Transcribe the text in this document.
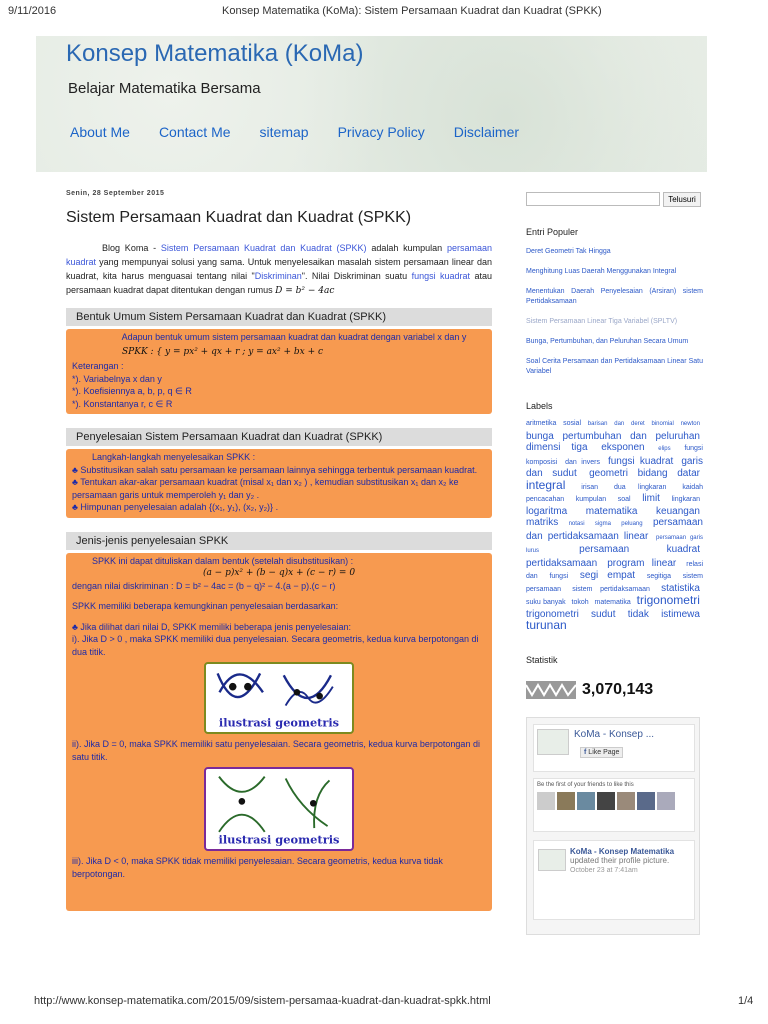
9/11/2016	Konsep Matematika (KoMa): Sistem Persamaan Kuadrat dan Kuadrat (SPKK)
Konsep Matematika (KoMa)
Belajar Matematika Bersama
About Me Contact Me sitemap Privacy Policy Disclaimer
Senin, 28 September 2015
Sistem Persamaan Kuadrat dan Kuadrat (SPKK)
Blog Koma - Sistem Persamaan Kuadrat dan Kuadrat (SPKK) adalah kumpulan persamaan kuadrat yang mempunyai solusi yang sama. Untuk menyelesaikan masalah sistem persamaan linear dan kuadrat, kita harus menguasai tentang nilai "Diskriminan". Nilai Diskriminan suatu fungsi kuadrat atau persamaan kuadrat dapat ditentukan dengan rumus D = b² − 4ac
Bentuk Umum Sistem Persamaan Kuadrat dan Kuadrat (SPKK)
Adapun bentuk umum sistem persamaan kuadrat dan kuadrat dengan variabel x dan y
SPKK : { y = px² + qx + r ; y = ax² + bx + c
Keterangan :
*). Variabelnya x dan y
*). Koefisiennya a, b, p, q ∈ R
*). Konstantanya r, c ∈ R
Penyelesaian Sistem Persamaan Kuadrat dan Kuadrat (SPKK)
Langkah-langkah menyelesaikan SPKK :
♣ Substitusikan salah satu persamaan ke persamaan lainnya sehingga terbentuk persamaan kuadrat.
♣ Tentukan akar-akar persamaan kuadrat (misal x₁ dan x₂ ) , kemudian substitusikan x₁ dan x₂ ke persamaan garis untuk memperoleh y₁ dan y₂ .
♣ Himpunan penyelesaian adalah {(x₁, y₁), (x₂, y₂)} .
Jenis-jenis penyelesaian SPKK
SPKK ini dapat dituliskan dalam bentuk (setelah disubstitusikan) :
(a − p)x² + (b − q)x + (c − r) = 0
dengan nilai diskriminan : D = b² − 4ac = (b − q)² − 4.(a − p).(c − r)
SPKK memiliki beberapa kemungkinan penyelesaian berdasarkan:
♣ Jika dilihat dari nilai D, SPKK memiliki beberapa jenis penyelesaian:
i). Jika D > 0 , maka SPKK memiliki dua penyelesaian. Secara geometris, kedua kurva berpotongan di dua titik.
ilustrasi geometris
ii). Jika D = 0, maka SPKK memiliki satu penyelesaian. Secara geometris, kedua kurva berpotongan di satu titik.
ilustrasi geometris
iii). Jika D < 0, maka SPKK tidak memiliki penyelesaian. Secara geometris, kedua kurva tidak berpotongan.
Telusuri
Entri Populer
Deret Geometri Tak Hingga
Menghitung Luas Daerah Menggunakan Integral
Menentukan Daerah Penyelesaian (Arsiran) sistem Pertidaksamaan
Sistem Persamaan Linear Tiga Variabel (SPLTV)
Bunga, Pertumbuhan, dan Peluruhan Secara Umum
Soal Cerita Persamaan dan Pertidaksamaan Linear Satu Variabel
Labels
aritmetika sosial barisan dan deret binomial newton bunga pertumbuhan dan peluruhan dimensi tiga eksponen elips fungsi komposisi dan invers fungsi kuadrat garis dan sudut geometri bidang datar integral irisan dua lingkaran kaidah pencacahan kumpulan soal limit lingkaran logaritma matematika keuangan matriks notasi sigma peluang persamaan dan pertidaksamaan linear persamaan garis lurus	persamaan kuadrat pertidaksamaan program linear relasi dan fungsi segi empat segitiga sistem persamaan sistem pertidaksamaan statistika suku banyak tokoh matematika trigonometri trigonometri sudut tidak istimewa turunan
Statistik
3,070,143
KoMa - Konsep ...
f Like Page
Be the first of your friends to like this
KoMa - Konsep Matematika updated their profile picture.
October 23 at 7:41am
http://www.konsep-matematika.com/2015/09/sistem-persamaa-kuadrat-dan-kuadrat-spkk.html	1/4
